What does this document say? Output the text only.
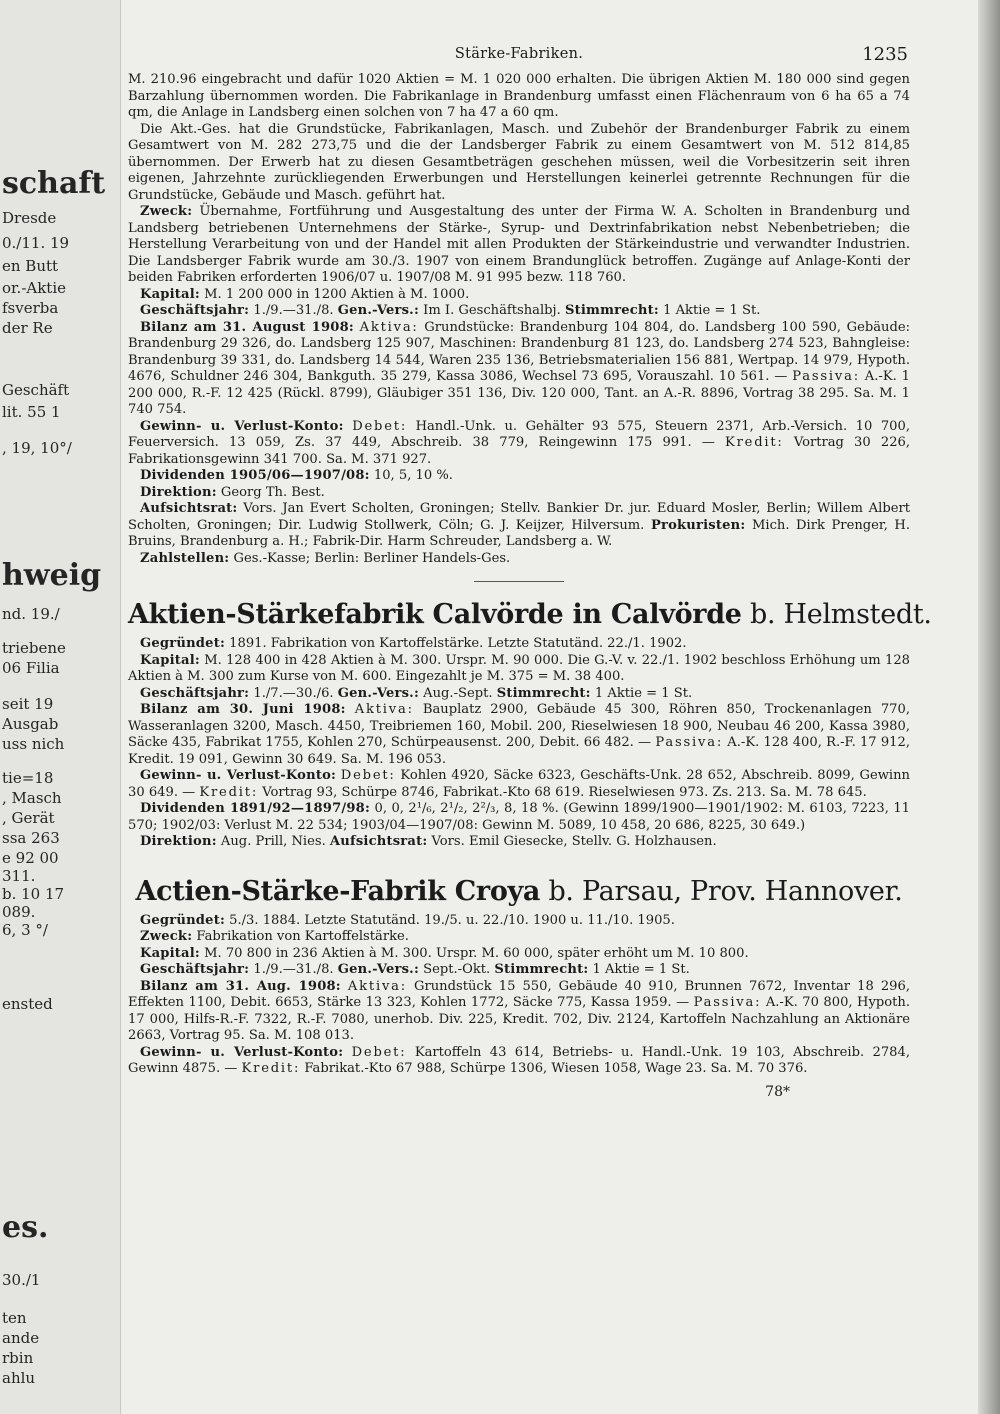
schaft
Dresde
0./11. 19
en Butt
or.-Aktie
fsverba
der Re
Geschäft
lit. 55 1
, 19, 10°/
hweig
nd. 19./
triebene
06 Filia
seit 19
Ausgab
uss nich
tie=18
, Masch
, Gerät
ssa 263
e 92 00
311.
b. 10 17
089.
6, 3 °/
ensted
es.
30./1
ten
ande
rbin
ahlu
Stärke-Fabriken.	1235

M. 210.96 eingebracht und dafür 1020 Aktien = M. 1 020 000 erhalten. Die übrigen Aktien M. 180 000 sind gegen Barzahlung übernommen worden. Die Fabrikanlage in Brandenburg umfasst einen Flächenraum von 6 ha 65 a 74 qm, die Anlage in Landsberg einen solchen von 7 ha 47 a 60 qm.

Die Akt.-Ges. hat die Grundstücke, Fabrikanlagen, Masch. und Zubehör der Brandenburger Fabrik zu einem Gesamtwert von M. 282 273,75 und die der Landsberger Fabrik zu einem Gesamtwert von M. 512 814,85 übernommen. Der Erwerb hat zu diesen Gesamtbeträgen geschehen müssen, weil die Vorbesitzerin seit ihren eigenen, Jahrzehnte zurückliegenden Erwerbungen und Herstellungen keinerlei getrennte Rechnungen für die Grundstücke, Gebäude und Masch. geführt hat.

Zweck: Übernahme, Fortführung und Ausgestaltung des unter der Firma W. A. Scholten in Brandenburg und Landsberg betriebenen Unternehmens der Stärke-, Syrup- und Dextrinfabrikation nebst Nebenbetrieben; die Herstellung Verarbeitung von und der Handel mit allen Produkten der Stärkeindustrie und verwandter Industrien. Die Landsberger Fabrik wurde am 30./3. 1907 von einem Brandunglück betroffen. Zugänge auf Anlage-Konti der beiden Fabriken erforderten 1906/07 u. 1907/08 M. 91 995 bezw. 118 760.

Kapital: M. 1 200 000 in 1200 Aktien à M. 1000.

Geschäftsjahr: 1./9.—31./8. Gen.-Vers.: Im I. Geschäftshalbj. Stimmrecht: 1 Aktie = 1 St.

Bilanz am 31. August 1908: Aktiva: Grundstücke: Brandenburg 104 804, do. Landsberg 100 590, Gebäude: Brandenburg 29 326, do. Landsberg 125 907, Maschinen: Brandenburg 81 123, do. Landsberg 274 523, Bahngleise: Brandenburg 39 331, do. Landsberg 14 544, Waren 235 136, Betriebsmaterialien 156 881, Wertpap. 14 979, Hypoth. 4676, Schuldner 246 304, Bankguth. 35 279, Kassa 3086, Wechsel 73 695, Vorauszahl. 10 561. — Passiva: A.-K. 1 200 000, R.-F. 12 425 (Rückl. 8799), Gläubiger 351 136, Div. 120 000, Tant. an A.-R. 8896, Vortrag 38 295. Sa. M. 1 740 754.

Gewinn- u. Verlust-Konto: Debet: Handl.-Unk. u. Gehälter 93 575, Steuern 2371, Arb.-Versich. 10 700, Feuerversich. 13 059, Zs. 37 449, Abschreib. 38 779, Reingewinn 175 991. — Kredit: Vortrag 30 226, Fabrikationsgewinn 341 700. Sa. M. 371 927.

Dividenden 1905/06—1907/08: 10, 5, 10 %.

Direktion: Georg Th. Best.

Aufsichtsrat: Vors. Jan Evert Scholten, Groningen; Stellv. Bankier Dr. jur. Eduard Mosler, Berlin; Willem Albert Scholten, Groningen; Dir. Ludwig Stollwerk, Cöln; G. J. Keijzer, Hilversum. Prokuristen: Mich. Dirk Prenger, H. Bruins, Brandenburg a. H.; Fabrik-Dir. Harm Schreuder, Landsberg a. W.

Zahlstellen: Ges.-Kasse; Berlin: Berliner Handels-Ges.

Aktien-Stärkefabrik Calvörde in Calvörde b. Helmstedt.

Gegründet: 1891. Fabrikation von Kartoffelstärke. Letzte Statutänd. 22./1. 1902.

Kapital: M. 128 400 in 428 Aktien à M. 300. Urspr. M. 90 000. Die G.-V. v. 22./1. 1902 beschloss Erhöhung um 128 Aktien à M. 300 zum Kurse von M. 600. Eingezahlt je M. 375 = M. 38 400.

Geschäftsjahr: 1./7.—30./6. Gen.-Vers.: Aug.-Sept. Stimmrecht: 1 Aktie = 1 St.

Bilanz am 30. Juni 1908: Aktiva: Bauplatz 2900, Gebäude 45 300, Röhren 850, Trockenanlagen 770, Wasseranlagen 3200, Masch. 4450, Treibriemen 160, Mobil. 200, Rieselwiesen 18 900, Neubau 46 200, Kassa 3980, Säcke 435, Fabrikat 1755, Kohlen 270, Schürpeausenst. 200, Debit. 66 482. — Passiva: A.-K. 128 400, R.-F. 17 912, Kredit. 19 091, Gewinn 30 649. Sa. M. 196 053.

Gewinn- u. Verlust-Konto: Debet: Kohlen 4920, Säcke 6323, Geschäfts-Unk. 28 652, Abschreib. 8099, Gewinn 30 649. — Kredit: Vortrag 93, Schürpe 8746, Fabrikat.-Kto 68 619. Rieselwiesen 973. Zs. 213. Sa. M. 78 645.

Dividenden 1891/92—1897/98: 0, 0, 2¹/₆, 2¹/₂, 2²/₃, 8, 18 %. (Gewinn 1899/1900—1901/1902: M. 6103, 7223, 11 570; 1902/03: Verlust M. 22 534; 1903/04—1907/08: Gewinn M. 5089, 10 458, 20 686, 8225, 30 649.)

Direktion: Aug. Prill, Nies. Aufsichtsrat: Vors. Emil Giesecke, Stellv. G. Holzhausen.

Actien-Stärke-Fabrik Croya b. Parsau, Prov. Hannover.

Gegründet: 5./3. 1884. Letzte Statutänd. 19./5. u. 22./10. 1900 u. 11./10. 1905.

Zweck: Fabrikation von Kartoffelstärke.

Kapital: M. 70 800 in 236 Aktien à M. 300. Urspr. M. 60 000, später erhöht um M. 10 800.

Geschäftsjahr: 1./9.—31./8. Gen.-Vers.: Sept.-Okt. Stimmrecht: 1 Aktie = 1 St.

Bilanz am 31. Aug. 1908: Aktiva: Grundstück 15 550, Gebäude 40 910, Brunnen 7672, Inventar 18 296, Effekten 1100, Debit. 6653, Stärke 13 323, Kohlen 1772, Säcke 775, Kassa 1959. — Passiva: A.-K. 70 800, Hypoth. 17 000, Hilfs-R.-F. 7322, R.-F. 7080, unerhob. Div. 225, Kredit. 702, Div. 2124, Kartoffeln Nachzahlung an Aktionäre 2663, Vortrag 95. Sa. M. 108 013.

Gewinn- u. Verlust-Konto: Debet: Kartoffeln 43 614, Betriebs- u. Handl.-Unk. 19 103, Abschreib. 2784, Gewinn 4875. — Kredit: Fabrikat.-Kto 67 988, Schürpe 1306, Wiesen 1058, Wage 23. Sa. M. 70 376.

78*
